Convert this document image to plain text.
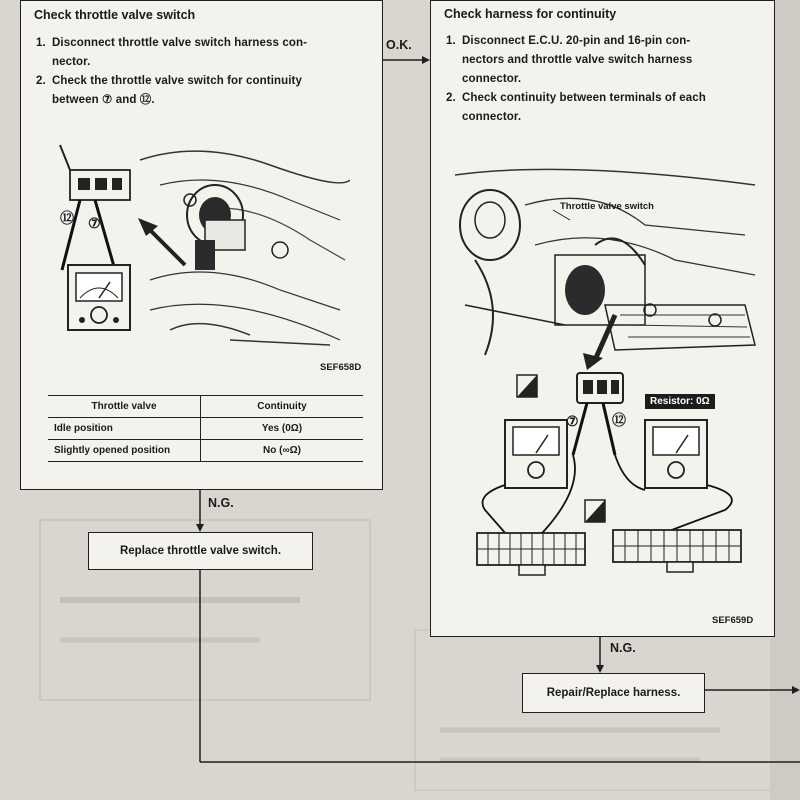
Check throttle valve switch
1. Disconnect throttle valve switch harness con-
nector.
2. Check the throttle valve switch for continuity
between ⑦ and ⑫.
⑦
⑫
SEF658D
Throttle valve	Continuity
Idle position	Yes (0Ω)
Slightly opened position	No (∞Ω)
Check harness for continuity
1. Disconnect E.C.U. 20-pin and 16-pin con-
nectors and throttle valve switch harness
connector.
2. Check continuity between terminals of each
connector.
Throttle valve switch
Resistor: 0Ω
⑦ ⑫
SEF659D
O.K.
N.G.
N.G.
Replace throttle valve switch.
Repair/Replace harness.
